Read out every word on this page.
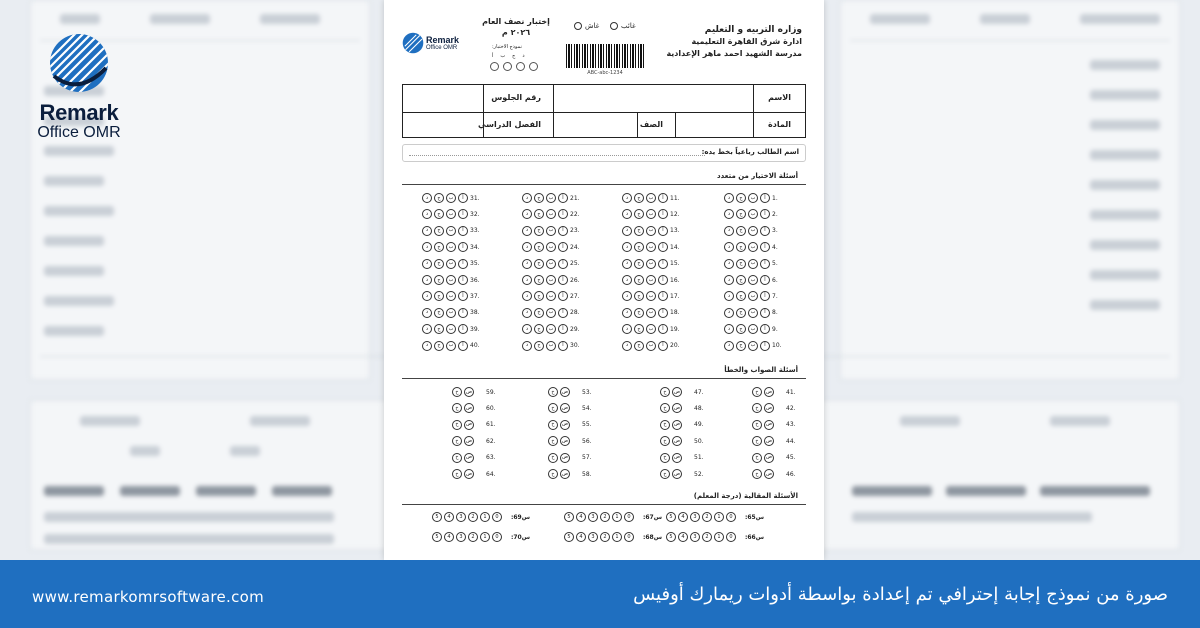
Remark
Office OMR
وزاره التربيه و التعليم
ادارة شرق القاهرة التعليمية
مدرسة الشهيد احمد ماهر الإعدادية
غائب
غاش
ABC-abc-1234
إختبار نصف العام
٢٠٢٦ م
نموذج الاختبار:
أ ب ج د
Remark
Office OMR
الاسم
رقم الجلوس
المادة
الصف
الفصل الدراسي
اسم الطالب رباعياً بخط يده:
أسئلة الاختيار من متعدد
د	ج	ب	أ	1.
د	ج	ب	أ	2.
د	ج	ب	أ	3.
د	ج	ب	أ	4.
د	ج	ب	أ	5.
د	ج	ب	أ	6.
د	ج	ب	أ	7.
د	ج	ب	أ	8.
د	ج	ب	أ	9.
د	ج	ب	أ	10.
د	ج	ب	أ	11.
د	ج	ب	أ	12.
د	ج	ب	أ	13.
د	ج	ب	أ	14.
د	ج	ب	أ	15.
د	ج	ب	أ	16.
د	ج	ب	أ	17.
د	ج	ب	أ	18.
د	ج	ب	أ	19.
د	ج	ب	أ	20.
د	ج	ب	أ	21.
د	ج	ب	أ	22.
د	ج	ب	أ	23.
د	ج	ب	أ	24.
د	ج	ب	أ	25.
د	ج	ب	أ	26.
د	ج	ب	أ	27.
د	ج	ب	أ	28.
د	ج	ب	أ	29.
د	ج	ب	أ	30.
د	ج	ب	أ	31.
د	ج	ب	أ	32.
د	ج	ب	أ	33.
د	ج	ب	أ	34.
د	ج	ب	أ	35.
د	ج	ب	أ	36.
د	ج	ب	أ	37.
د	ج	ب	أ	38.
د	ج	ب	أ	39.
د	ج	ب	أ	40.
أسئلة الصواب والخطأ
خ	ص	41.
خ	ص	42.
خ	ص	43.
خ	ص	44.
خ	ص	45.
خ	ص	46.
خ	ص	47.
خ	ص	48.
خ	ص	49.
خ	ص	50.
خ	ص	51.
خ	ص	52.
خ	ص	53.
خ	ص	54.
خ	ص	55.
خ	ص	56.
خ	ص	57.
خ	ص	58.
خ	ص	59.
خ	ص	60.
خ	ص	61.
خ	ص	62.
خ	ص	63.
خ	ص	64.
الأسئلة المقالية (درجة المعلم)
5	4	3	2	1	0	س65:
5	4	3	2	1	0	س67:
5	4	3	2	1	0	س69:
5	4	3	2	1	0	س66:
5	4	3	2	1	0	س68:
5	4	3	2	1	0	س70:
www.remarkomrsoftware.com	صورة من نموذج إجابة إحترافي تم إعدادة بواسطة أدوات ريمارك أوفيس
